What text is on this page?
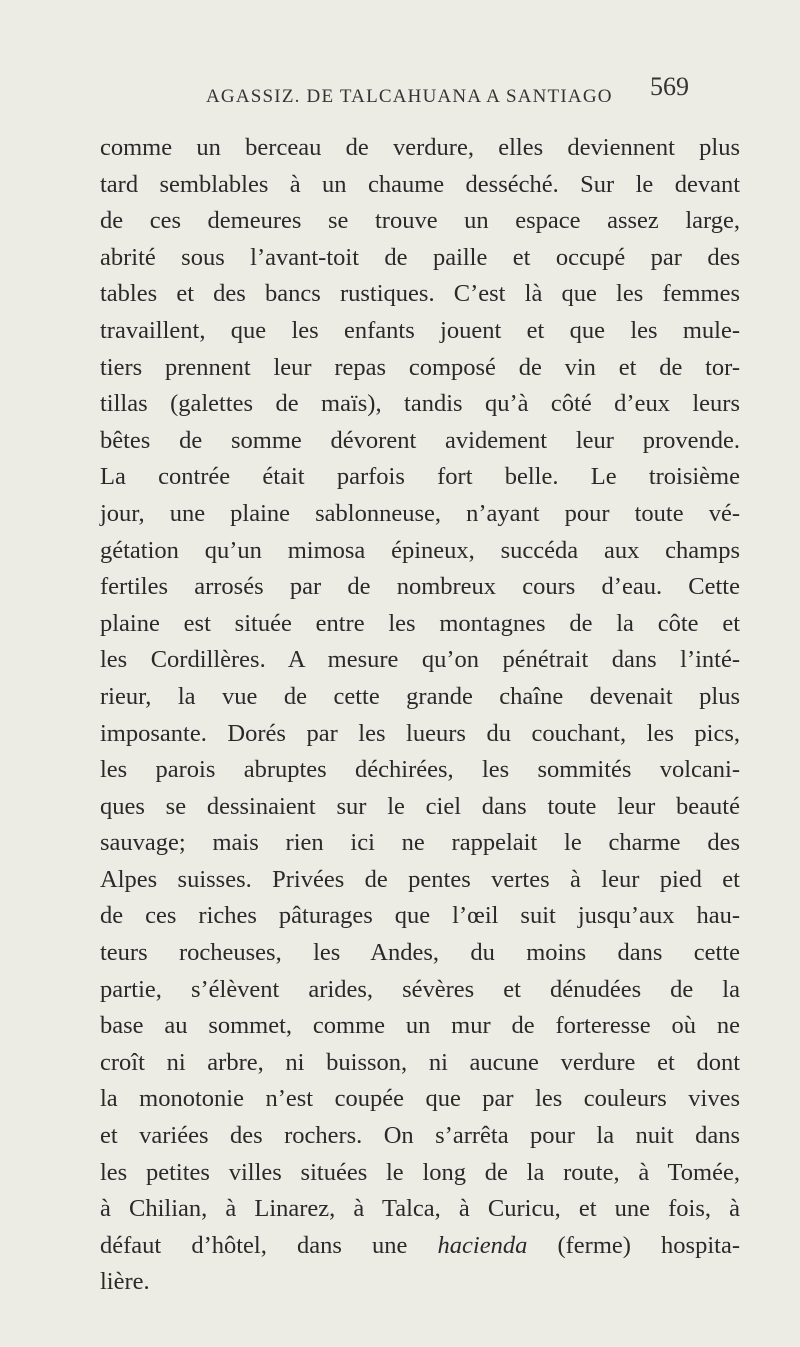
AGASSIZ. DE TALCAHUANA A SANTIAGO 569
comme un berceau de verdure, elles deviennent plus
tard semblables à un chaume desséché. Sur le devant
de ces demeures se trouve un espace assez large,
abrité sous l’avant-toit de paille et occupé par des
tables et des bancs rustiques. C’est là que les femmes
travaillent, que les enfants jouent et que les mule-
tiers prennent leur repas composé de vin et de tor-
tillas (galettes de maïs), tandis qu’à côté d’eux leurs
bêtes de somme dévorent avidement leur provende.
La contrée était parfois fort belle. Le troisième
jour, une plaine sablonneuse, n’ayant pour toute vé-
gétation qu’un mimosa épineux, succéda aux champs
fertiles arrosés par de nombreux cours d’eau. Cette
plaine est située entre les montagnes de la côte et
les Cordillères. A mesure qu’on pénétrait dans l’inté-
rieur, la vue de cette grande chaîne devenait plus
imposante. Dorés par les lueurs du couchant, les pics,
les parois abruptes déchirées, les sommités volcani-
ques se dessinaient sur le ciel dans toute leur beauté
sauvage; mais rien ici ne rappelait le charme des
Alpes suisses. Privées de pentes vertes à leur pied et
de ces riches pâturages que l’œil suit jusqu’aux hau-
teurs rocheuses, les Andes, du moins dans cette
partie, s’élèvent arides, sévères et dénudées de la
base au sommet, comme un mur de forteresse où ne
croît ni arbre, ni buisson, ni aucune verdure et dont
la monotonie n’est coupée que par les couleurs vives
et variées des rochers. On s’arrêta pour la nuit dans
les petites villes situées le long de la route, à Tomée,
à Chilian, à Linarez, à Talca, à Curicu, et une fois, à
défaut d’hôtel, dans une hacienda (ferme) hospita-
lière.
